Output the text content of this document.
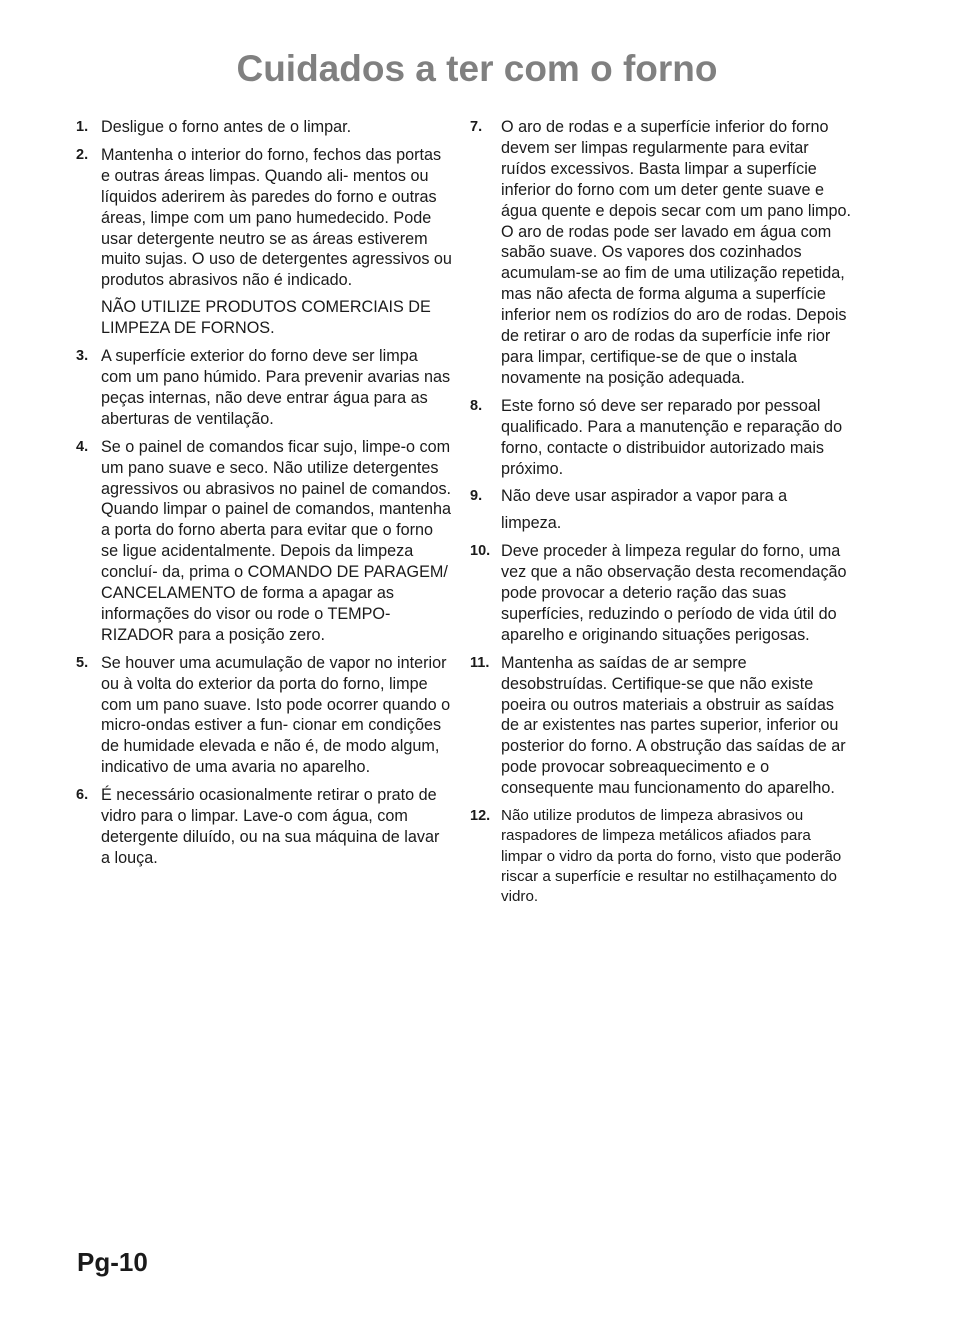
Cuidados a ter com o forno
1. Desligue o forno antes de o limpar.

2. Mantenha o interior do forno, fechos das portas e outras áreas limpas. Quando ali- mentos ou líquidos aderirem às paredes do forno e outras áreas, limpe com um pano humedecido. Pode usar detergente neutro se as áreas estiverem muito sujas. O uso de detergentes agressivos ou produtos abrasivos não é indicado.

NÃO UTILIZE PRODUTOS COMERCIAIS DE LIMPEZA DE FORNOS.

3. A superfície exterior do forno deve ser limpa com um pano húmido. Para prevenir avarias nas peças internas, não deve entrar água para as aberturas de ventilação.

4. Se o painel de comandos ficar sujo, limpe-o com um pano suave e seco. Não utilize detergentes agressivos ou abrasivos no painel de comandos. Quando limpar o painel de comandos, mantenha a porta do forno aberta para evitar que o forno se ligue acidentalmente. Depois da limpeza concluí- da, prima o COMANDO DE PARAGEM/ CANCELAMENTO de forma a apagar as informações do visor ou rode o TEMPO- RIZADOR para a posição zero.

5. Se houver uma acumulação de vapor no interior ou à volta do exterior da porta do forno, limpe com um pano suave. Isto pode ocorrer quando o micro-ondas estiver a fun- cionar em condições de humidade elevada e não é, de modo algum, indicativo de uma avaria no aparelho.

6. É necessário ocasionalmente retirar o prato de vidro para o limpar. Lave-o com água, com detergente diluído, ou na sua máquina de lavar a louça.

7. O aro de rodas e a superfície inferior do forno devem ser limpas regularmente para evitar ruídos excessivos. Basta limpar a superfície inferior do forno com um deter gente suave e água quente e depois secar com um pano limpo. O aro de rodas pode ser lavado em água com sabão suave. Os vapores dos cozinhados acumulam-se ao fim de uma utilização repetida, mas não afecta de forma alguma a superfície inferior nem os rodízios do aro de rodas. Depois de retirar o aro de rodas da superfície infe rior para limpar, certifique-se de que o instala novamente na posição adequada.

8. Este forno só deve ser reparado por pessoal qualificado. Para a manutenção e reparação do forno, contacte o distribuidor autorizado mais próximo.

9. Não deve usar aspirador a vapor para a

limpeza.

10. Deve proceder à limpeza regular do forno, uma vez que a não observação desta recomendação pode provocar a deterio ração das suas superfícies, reduzindo o período de vida útil do aparelho e originando situações perigosas.

11. Mantenha as saídas de ar sempre desobstruídas. Certifique-se que não existe poeira ou outros materiais a obstruir as saídas de ar existentes nas partes superior, inferior ou posterior do forno. A obstrução das saídas de ar pode provocar sobreaquecimento e o consequente mau funcionamento do aparelho.

12. Não utilize produtos de limpeza abrasivos ou raspadores de limpeza metálicos afiados para limpar o vidro da porta do forno, visto que poderão riscar a superfície e resultar no estilhaçamento do vidro.

Pg-10
